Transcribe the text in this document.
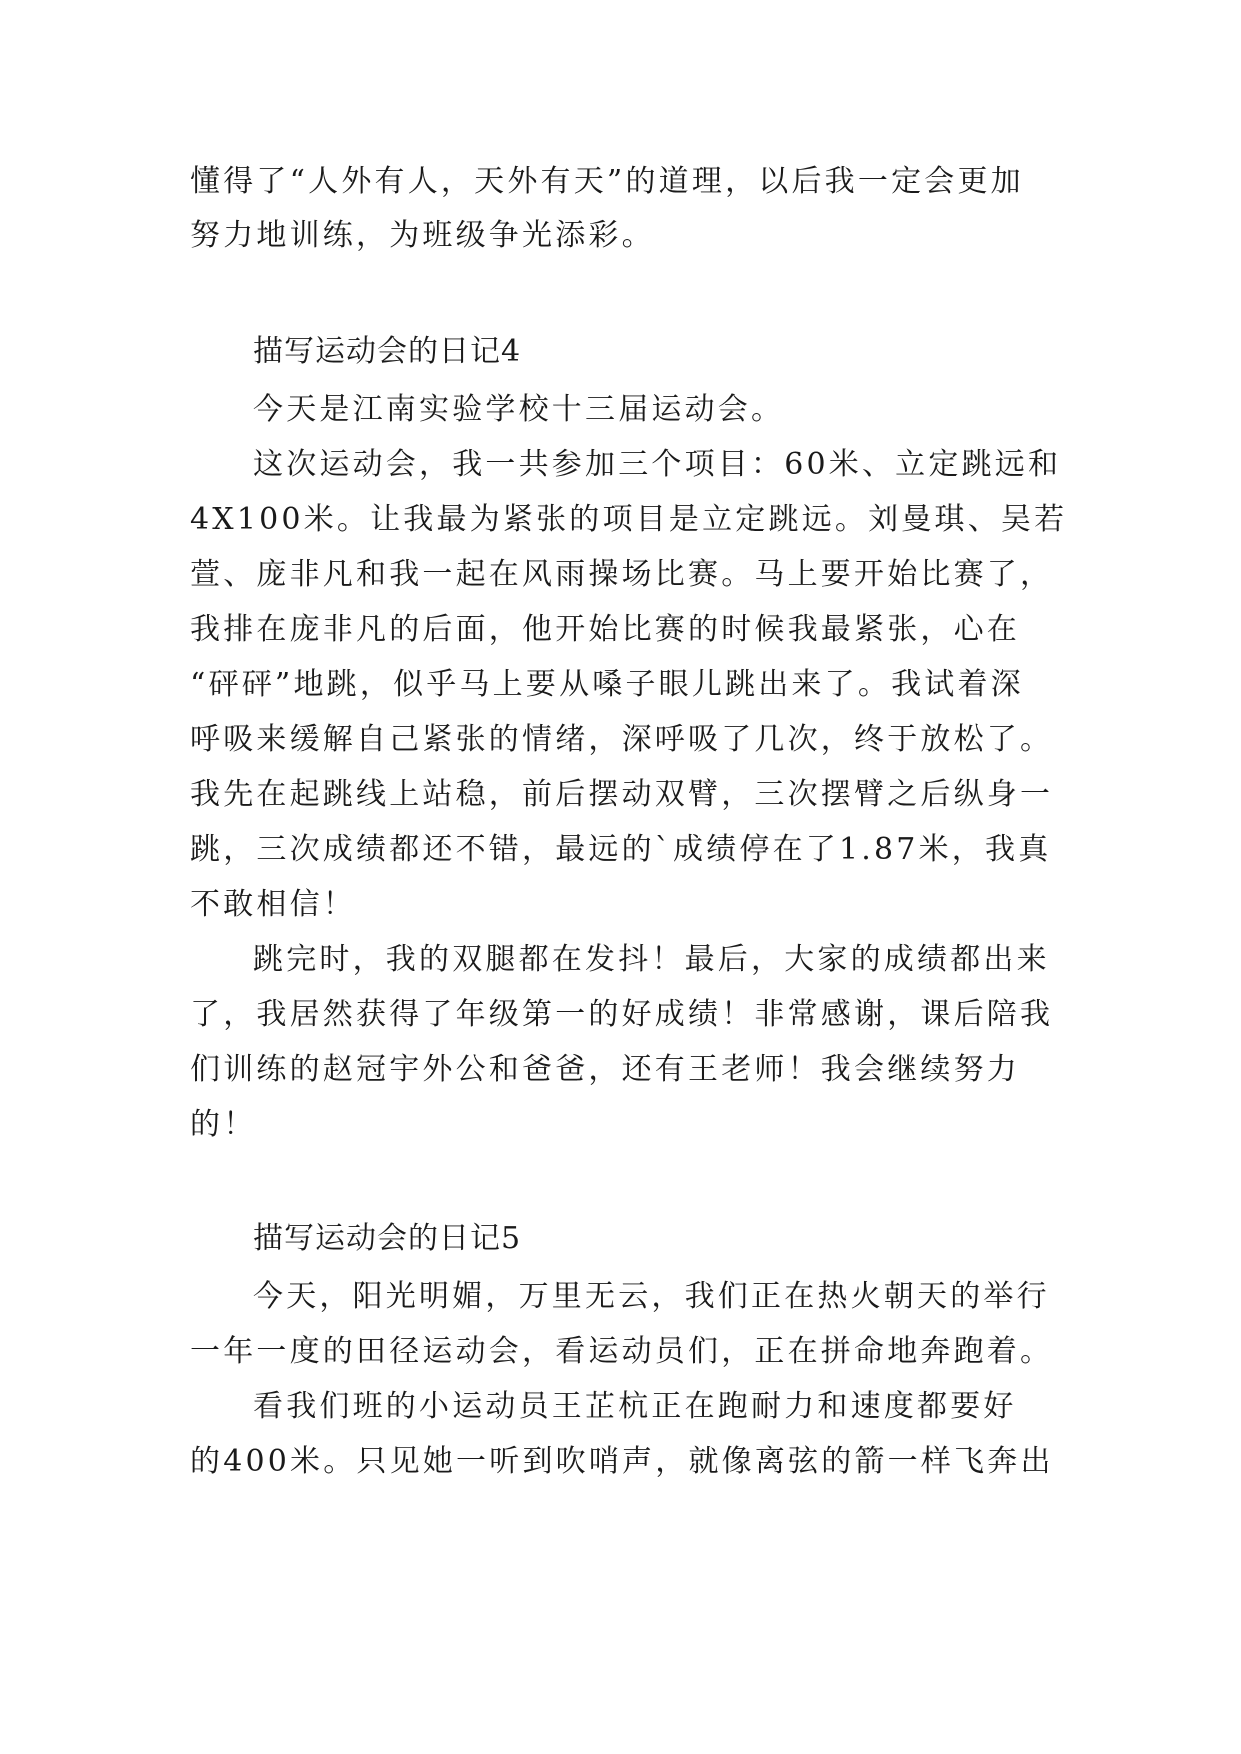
懂得了“人外有人，天外有天”的道理，以后我一定会更加
努力地训练，为班级争光添彩。
描写运动会的日记4
今天是江南实验学校十三届运动会。
这次运动会，我一共参加三个项目：60米、立定跳远和
4X100米。让我最为紧张的项目是立定跳远。刘曼琪、吴若
萱、庞非凡和我一起在风雨操场比赛。马上要开始比赛了，
我排在庞非凡的后面，他开始比赛的时候我最紧张，心在
“砰砰”地跳，似乎马上要从嗓子眼儿跳出来了。我试着深
呼吸来缓解自己紧张的情绪，深呼吸了几次，终于放松了。
我先在起跳线上站稳，前后摆动双臂，三次摆臂之后纵身一
跳，三次成绩都还不错，最远的`成绩停在了1.87米，我真
不敢相信！
跳完时，我的双腿都在发抖！最后，大家的成绩都出来
了，我居然获得了年级第一的好成绩！非常感谢，课后陪我
们训练的赵冠宇外公和爸爸，还有王老师！我会继续努力
的！
描写运动会的日记5
今天，阳光明媚，万里无云，我们正在热火朝天的举行
一年一度的田径运动会，看运动员们，正在拼命地奔跑着。
看我们班的小运动员王芷杭正在跑耐力和速度都要好
的400米。只见她一听到吹哨声，就像离弦的箭一样飞奔出
